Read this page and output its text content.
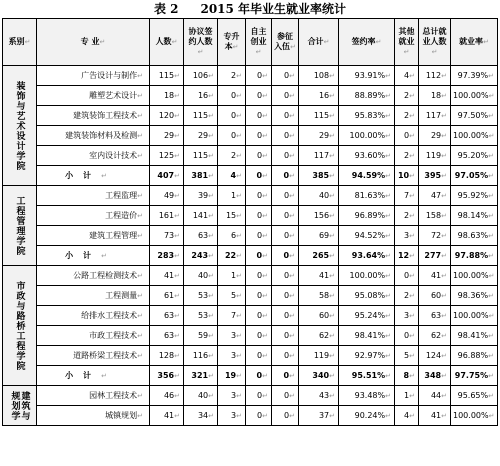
表 2 2015 年毕业生就业率统计
系别↵	专 业↵	人数↵	协议签约人数↵	专升本↵	自主创业↵	参征入伍↵	合计↵	签约率↵	其他就业↵	总计就业人数↵	就业率↵
装饰与艺术设计学院	广告设计与制作↵	115↵	106↵	2↵	0↵	0↵	108↵	93.91%↵	4↵	112↵	97.39%↵
	雕塑艺术设计↵	18↵	16↵	0↵	0↵	0↵	16↵	88.89%↵	2↵	18↵	100.00%↵
	建筑装饰工程技术↵	120↵	115↵	0↵	0↵	0↵	115↵	95.83%↵	2↵	117↵	97.50%↵
	建筑装饰材料及检测↵	29↵	29↵	0↵	0↵	0↵	29↵	100.00%↵	0↵	29↵	100.00%↵
	室内设计技术↵	125↵	115↵	2↵	0↵	0↵	117↵	93.60%↵	2↵	119↵	95.20%↵
	小计↵	407↵	381↵	4↵	0↵	0↵	385↵	94.59%↵	10↵	395↵	97.05%↵
工程管理学院	工程监理↵	49↵	39↵	1↵	0↵	0↵	40↵	81.63%↵	7↵	47↵	95.92%↵
	工程造价↵	161↵	141↵	15↵	0↵	0↵	156↵	96.89%↵	2↵	158↵	98.14%↵
	建筑工程管理↵	73↵	63↵	6↵	0↵	0↵	69↵	94.52%↵	3↵	72↵	98.63%↵
	小计↵	283↵	243↵	22↵	0↵	0↵	265↵	93.64%↵	12↵	277↵	97.88%↵
市政与路桥工程学院	公路工程检测技术↵	41↵	40↵	1↵	0↵	0↵	41↵	100.00%↵	0↵	41↵	100.00%↵
	工程测量↵	61↵	53↵	5↵	0↵	0↵	58↵	95.08%↵	2↵	60↵	98.36%↵
	给排水工程技术↵	63↵	53↵	7↵	0↵	0↵	60↵	95.24%↵	3↵	63↵	100.00%↵
	市政工程技术↵	63↵	59↵	3↵	0↵	0↵	62↵	98.41%↵	0↵	62↵	98.41%↵
	道路桥梁工程技术↵	128↵	116↵	3↵	0↵	0↵	119↵	92.97%↵	5↵	124↵	96.88%↵
	小计↵	356↵	321↵	19↵	0↵	0↵	340↵	95.51%↵	8↵	348↵	97.75%↵
建筑与规划学	园林工程技术↵	46↵	40↵	3↵	0↵	0↵	43↵	93.48%↵	1↵	44↵	95.65%↵
	城镇规划↵	41↵	34↵	3↵	0↵	0↵	37↵	90.24%↵	4↵	41↵	100.00%↵
